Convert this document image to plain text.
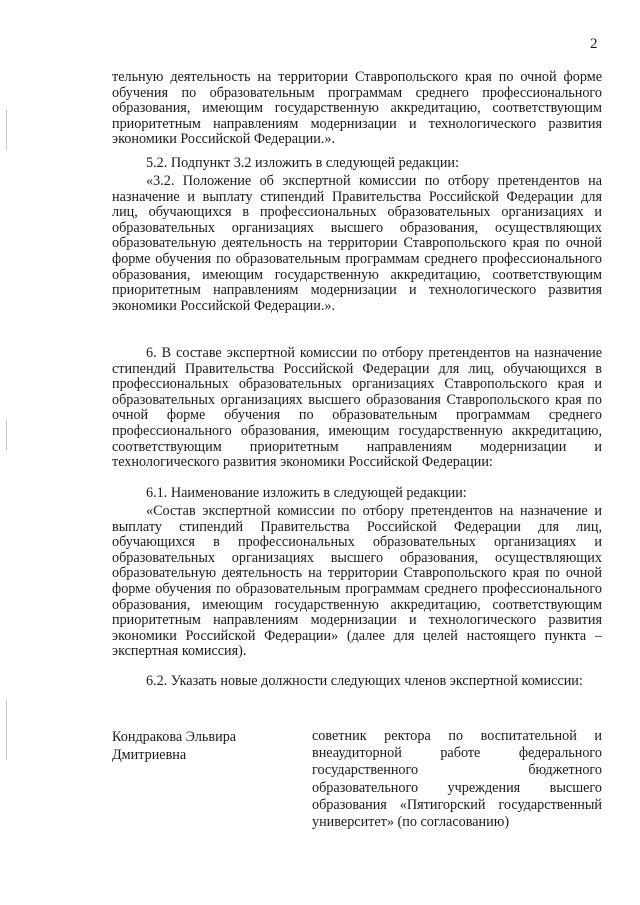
2
тельную деятельность на территории Ставропольского края по очной форме обучения по образовательным программам среднего профессионального образования, имеющим государственную аккредитацию, соответствующим приоритетным направлениям модернизации и технологического развития экономики Российской Федерации.».
5.2. Подпункт 3.2 изложить в следующей редакции:
«3.2. Положение об экспертной комиссии по отбору претендентов на назначение и выплату стипендий Правительства Российской Федерации для лиц, обучающихся в профессиональных образовательных организациях и образовательных организациях высшего образования, осуществляющих образовательную деятельность на территории Ставропольского края по очной форме обучения по образовательным программам среднего профессионального образования, имеющим государственную аккредитацию, соответствующим приоритетным направлениям модернизации и технологического развития экономики Российской Федерации.».
6. В составе экспертной комиссии по отбору претендентов на назначение стипендий Правительства Российской Федерации для лиц, обучающихся в профессиональных образовательных организациях Ставропольского края и образовательных организациях высшего образования Ставропольского края по очной форме обучения по образовательным программам среднего профессионального образования, имеющим государственную аккредитацию, соответствующим приоритетным направлениям модернизации и технологического развития экономики Российской Федерации:
6.1. Наименование изложить в следующей редакции:
«Состав экспертной комиссии по отбору претендентов на назначение и выплату стипендий Правительства Российской Федерации для лиц, обучающихся в профессиональных образовательных организациях и образовательных организациях высшего образования, осуществляющих образовательную деятельность на территории Ставропольского края по очной форме обучения по образовательным программам среднего профессионального образования, имеющим государственную аккредитацию, соответствующим приоритетным направлениям модернизации и технологического развития экономики Российской Федерации» (далее для целей настоящего пункта – экспертная комиссия).
6.2. Указать новые должности следующих членов экспертной комиссии:
Кондракова Эльвира
Дмитриевна
советник ректора по воспитательной и внеаудиторной работе федерального государственного бюджетного образовательного учреждения высшего образования «Пятигорский государственный университет» (по согласованию)
